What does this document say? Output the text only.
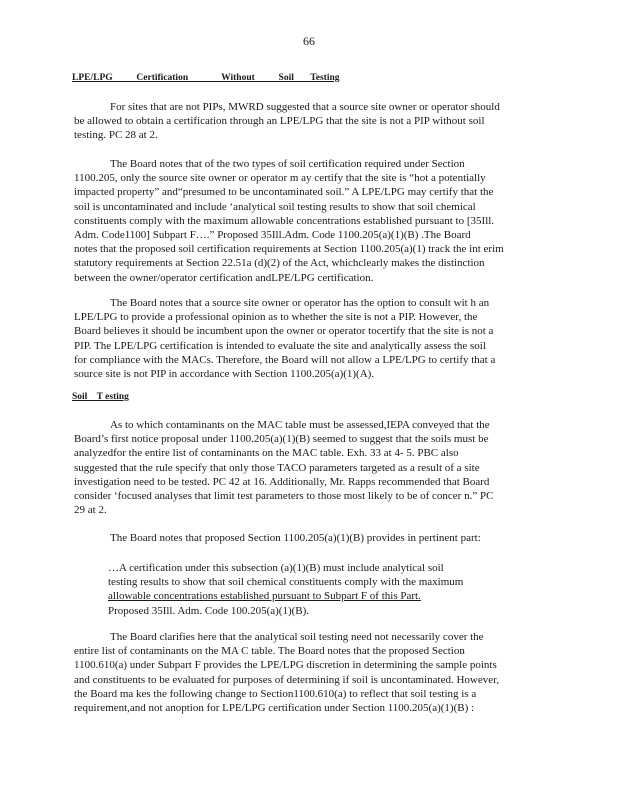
66
LPE/LPG          Certification              Without          Soil       Testing
For sites that are not PIPs, MWRD suggested that a source site owner or operator should
be allowed to obtain a certification through an LPE/LPG that the site is not a PIP without soil
testing. PC 28 at 2.
The Board notes that of the two types of soil certification required under Section
1100.205, only the source site owner or operator m ay certify that the site is “hot a potentially
impacted property” and“presumed to be uncontaminated soil.” A LPE/LPG may certify that the
soil is uncontaminated and include ‘analytical soil testing results to show that soil chemical
constituents comply with the maximum allowable concentrations established pursuant to [35Ill.
Adm. Code1100] Subpart F….” Proposed 35Ill.Adm. Code 1100.205(a)(1)(B) .The Board
notes that the proposed soil certification requirements at Section 1100.205(a)(1) track the int erim
statutory requirements at Section 22.51a (d)(2) of the Act, whichclearly makes the distinction
between the owner/operator certification andLPE/LPG certification.
The Board notes that a source site owner or operator has the option to consult wit h an
LPE/LPG to provide a professional opinion as to whether the site is not a PIP. However, the
Board believes it should be incumbent upon the owner or operator tocertify that the site is not a
PIP. The LPE/LPG certification is intended to evaluate the site and analytically assess the soil
for compliance with the MACs. Therefore, the Board will not allow a LPE/LPG to certify that a
source site is not PIP in accordance with Section 1100.205(a)(1)(A).
Soil    T esting
As to which contaminants on the MAC table must be assessed,IEPA conveyed that the
Board’s first notice proposal under 1100.205(a)(1)(B) seemed to suggest that the soils must be
analyzedfor the entire list of contaminants on the MAC table. Exh. 33 at 4- 5. PBC also
suggested that the rule specify that only those TACO parameters targeted as a result of a site
investigation need to be tested. PC 42 at 16. Additionally, Mr. Rapps recommended that Board
consider ‘focused analyses that limit test parameters to those most likely to be of concer n.” PC
29 at 2.
The Board notes that proposed Section 1100.205(a)(1)(B) provides in pertinent part:
…A certification under this subsection (a)(1)(B) must include analytical soil
testing results to show that soil chemical constituents comply with the maximum
allowable concentrations established pursuant to Subpart F of this Part.
Proposed 35Ill. Adm. Code 100.205(a)(1)(B).
The Board clarifies here that the analytical soil testing need not necessarily cover the
entire list of contaminants on the MA C table. The Board notes that the proposed Section
1100.610(a) under Subpart F provides the LPE/LPG discretion in determining the sample points
and constituents to be evaluated for purposes of determining if soil is uncontaminated. However,
the Board ma kes the following change to Section1100.610(a) to reflect that soil testing is a
requirement,and not anoption for LPE/LPG certification under Section 1100.205(a)(1)(B) :
